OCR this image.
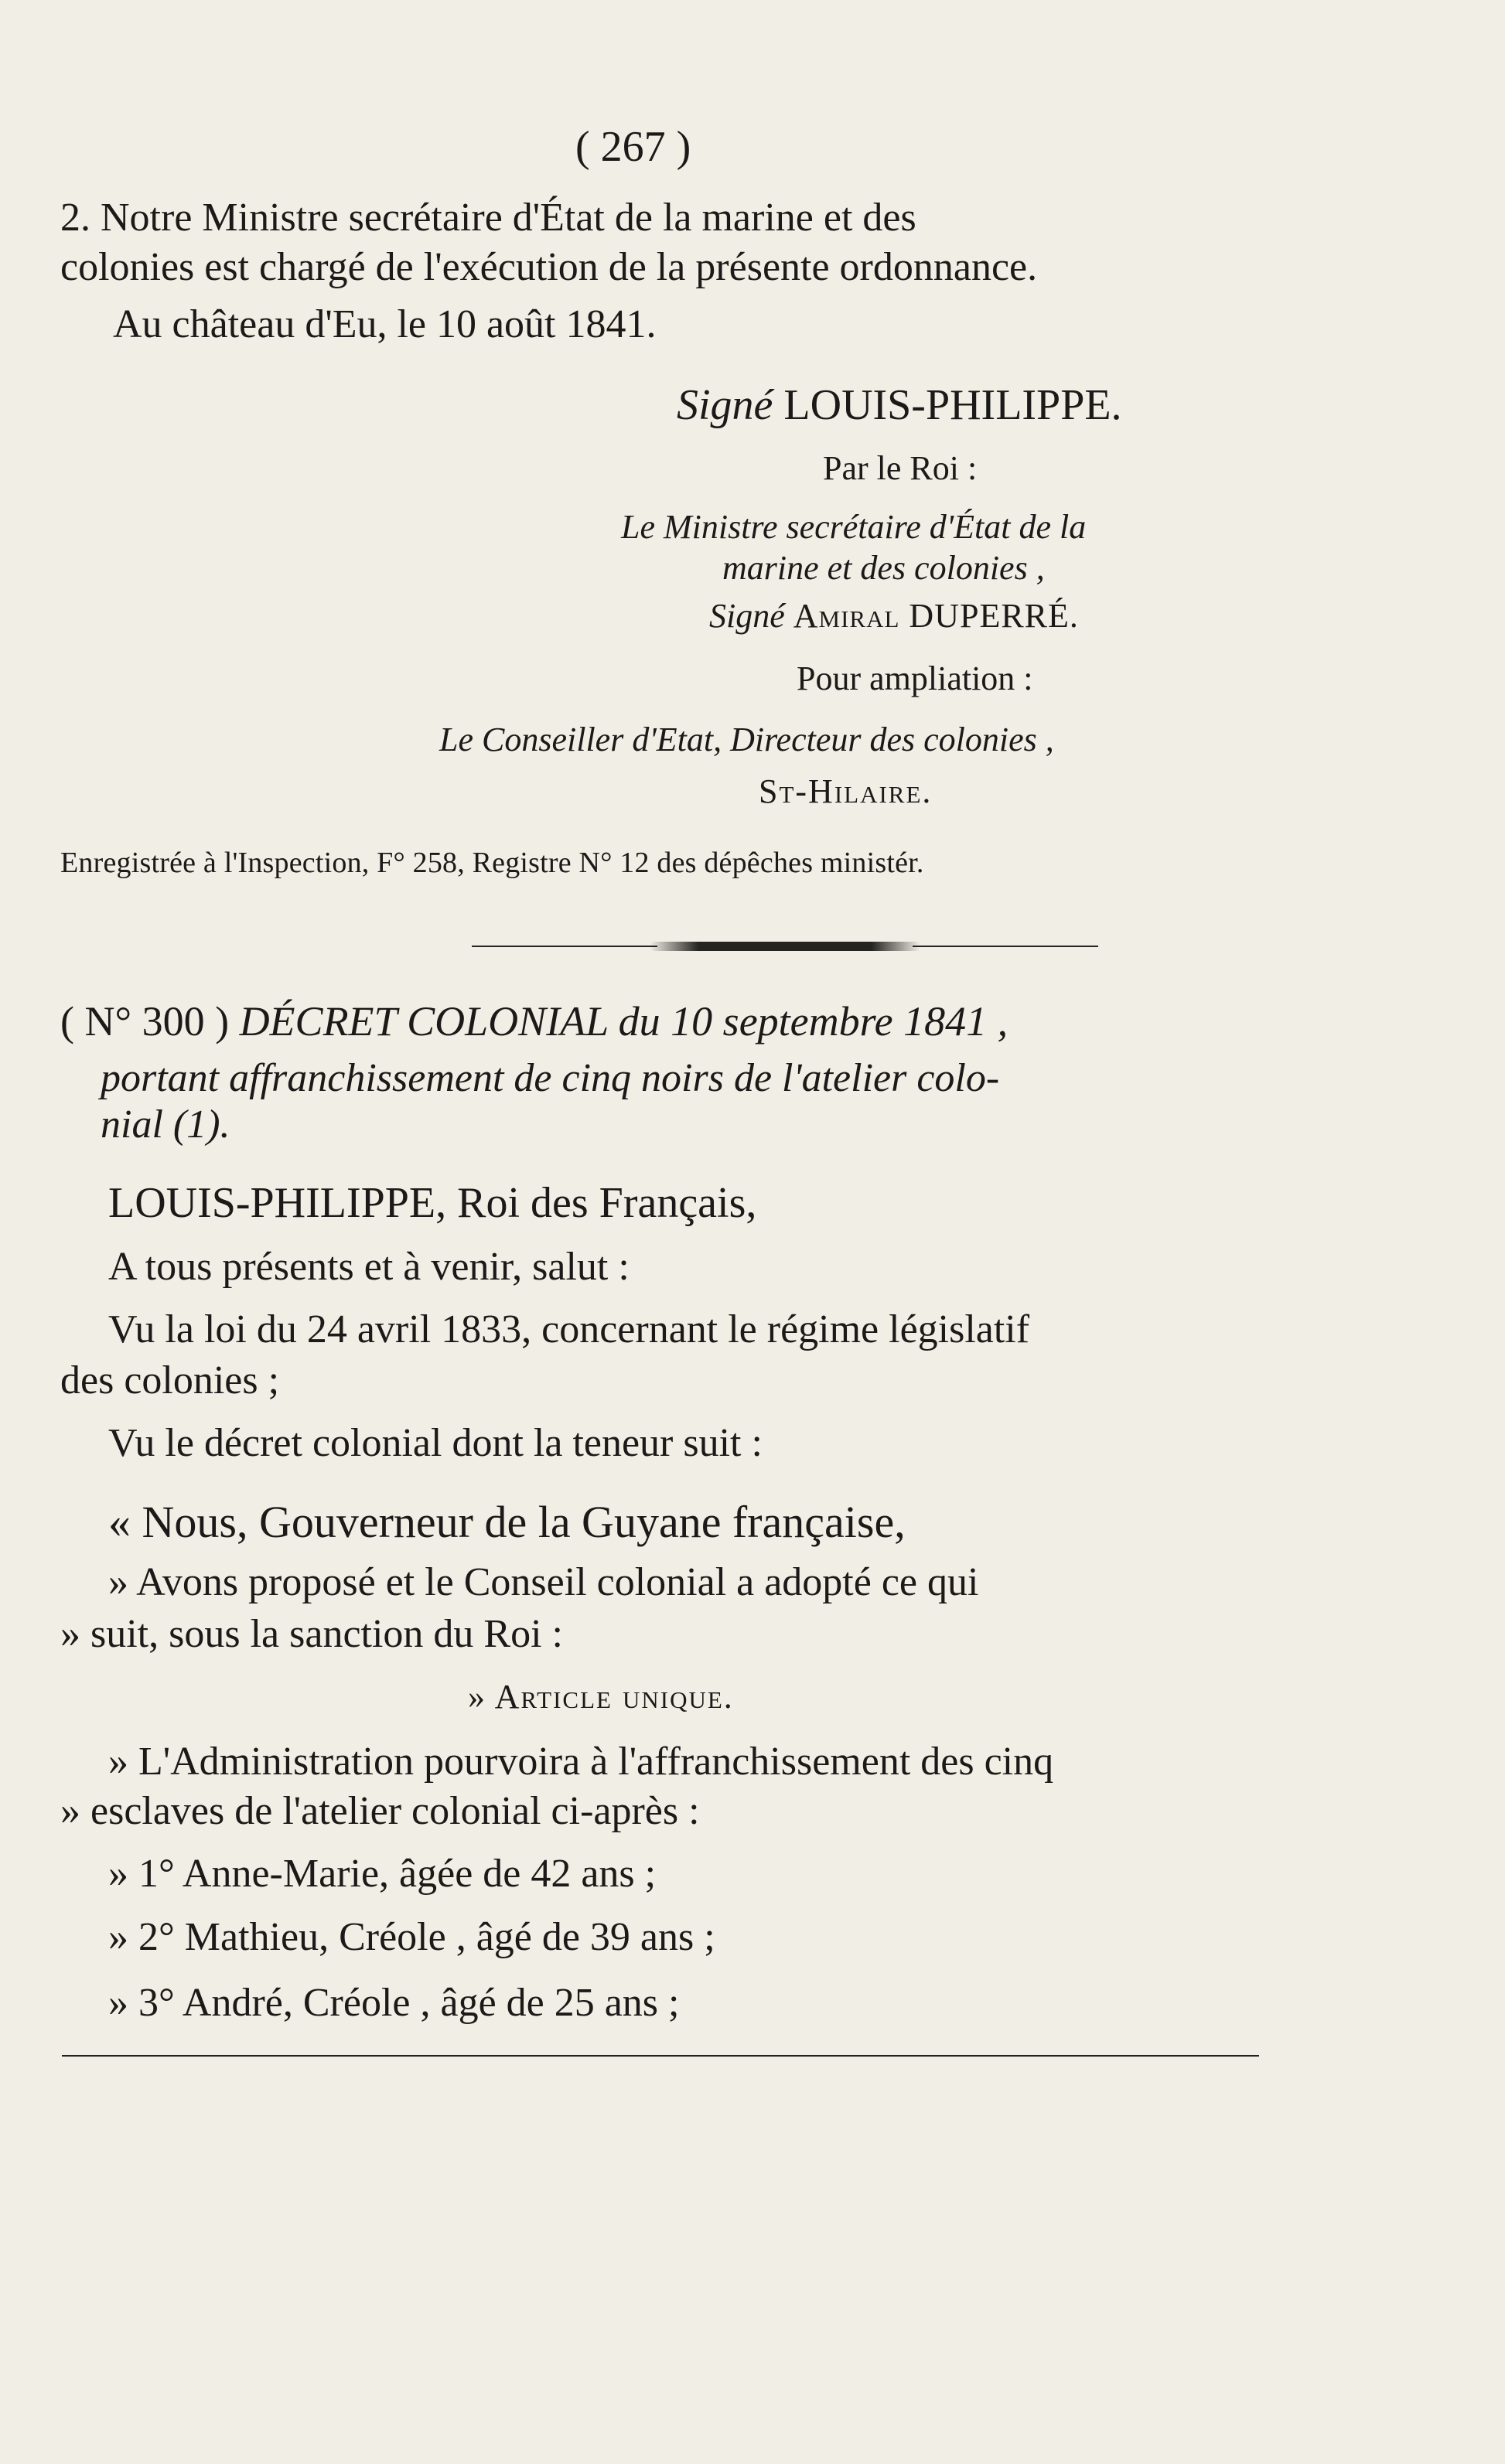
( 267 )
2. Notre Ministre secrétaire d'État de la marine et des
colonies est chargé de l'exécution de la présente ordonnance.
Au château d'Eu, le 10 août 1841.
Signé LOUIS-PHILIPPE.
Par le Roi :
Le Ministre secrétaire d'État de la
marine et des colonies ,
Signé Amiral DUPERRÉ.
Pour ampliation :
Le Conseiller d'Etat, Directeur des colonies ,
St-Hilaire.
Enregistrée à l'Inspection, F° 258, Registre N° 12 des dépêches ministér.
( N° 300 ) DÉCRET COLONIAL du 10 septembre 1841 ,
portant affranchissement de cinq noirs de l'atelier colo-
nial (1).
LOUIS-PHILIPPE, Roi des Français,
A tous présents et à venir, salut :
Vu la loi du 24 avril 1833, concernant le régime législatif
des colonies ;
Vu le décret colonial dont la teneur suit :
« Nous, Gouverneur de la Guyane française,
» Avons proposé et le Conseil colonial a adopté ce qui
» suit, sous la sanction du Roi :
» Article unique.
» L'Administration pourvoira à l'affranchissement des cinq
» esclaves de l'atelier colonial ci-après :
» 1° Anne-Marie, âgée de 42 ans ;
» 2° Mathieu, Créole , âgé de 39 ans ;
» 3° André, Créole , âgé de 25 ans ;
